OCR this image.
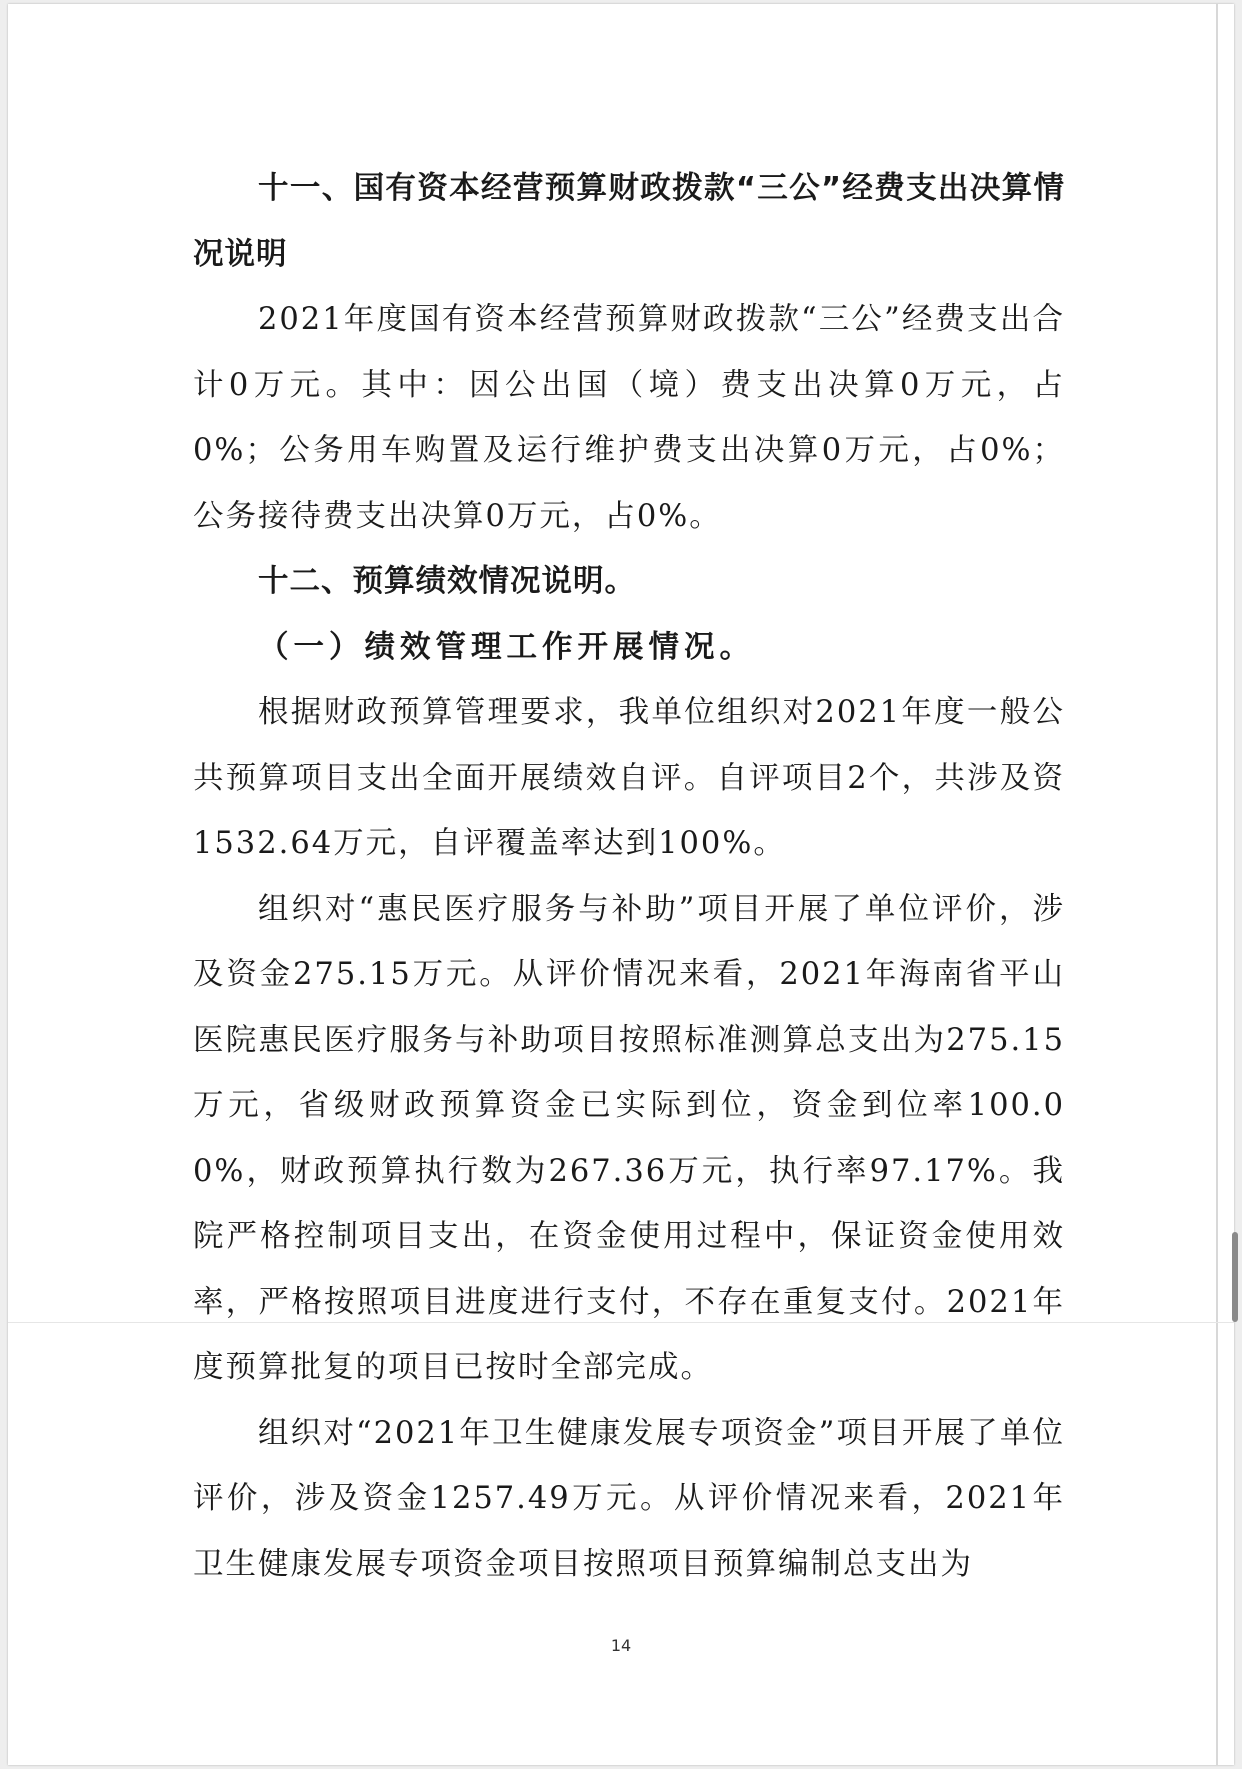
十一、国有资本经营预算财政拨款“三公”经费支出决算情况说明

2021年度国有资本经营预算财政拨款“三公”经费支出合计0万元。其中：因公出国（境）费支出决算0万元，占0%；公务用车购置及运行维护费支出决算0万元，占0%；公务接待费支出决算0万元，占0%。

十二、预算绩效情况说明。

（一）绩效管理工作开展情况。

根据财政预算管理要求，我单位组织对2021年度一般公共预算项目支出全面开展绩效自评。自评项目2个，共涉及资1532.64万元，自评覆盖率达到100%。

组织对“惠民医疗服务与补助”项目开展了单位评价，涉及资金275.15万元。从评价情况来看，2021年海南省平山医院惠民医疗服务与补助项目按照标准测算总支出为275.15万元，省级财政预算资金已实际到位，资金到位率100.00%，财政预算执行数为267.36万元，执行率97.17%。我院严格控制项目支出，在资金使用过程中，保证资金使用效率，严格按照项目进度进行支付，不存在重复支付。2021年度预算批复的项目已按时全部完成。

组织对“2021年卫生健康发展专项资金”项目开展了单位评价，涉及资金1257.49万元。从评价情况来看，2021年卫生健康发展专项资金项目按照项目预算编制总支出为

14
